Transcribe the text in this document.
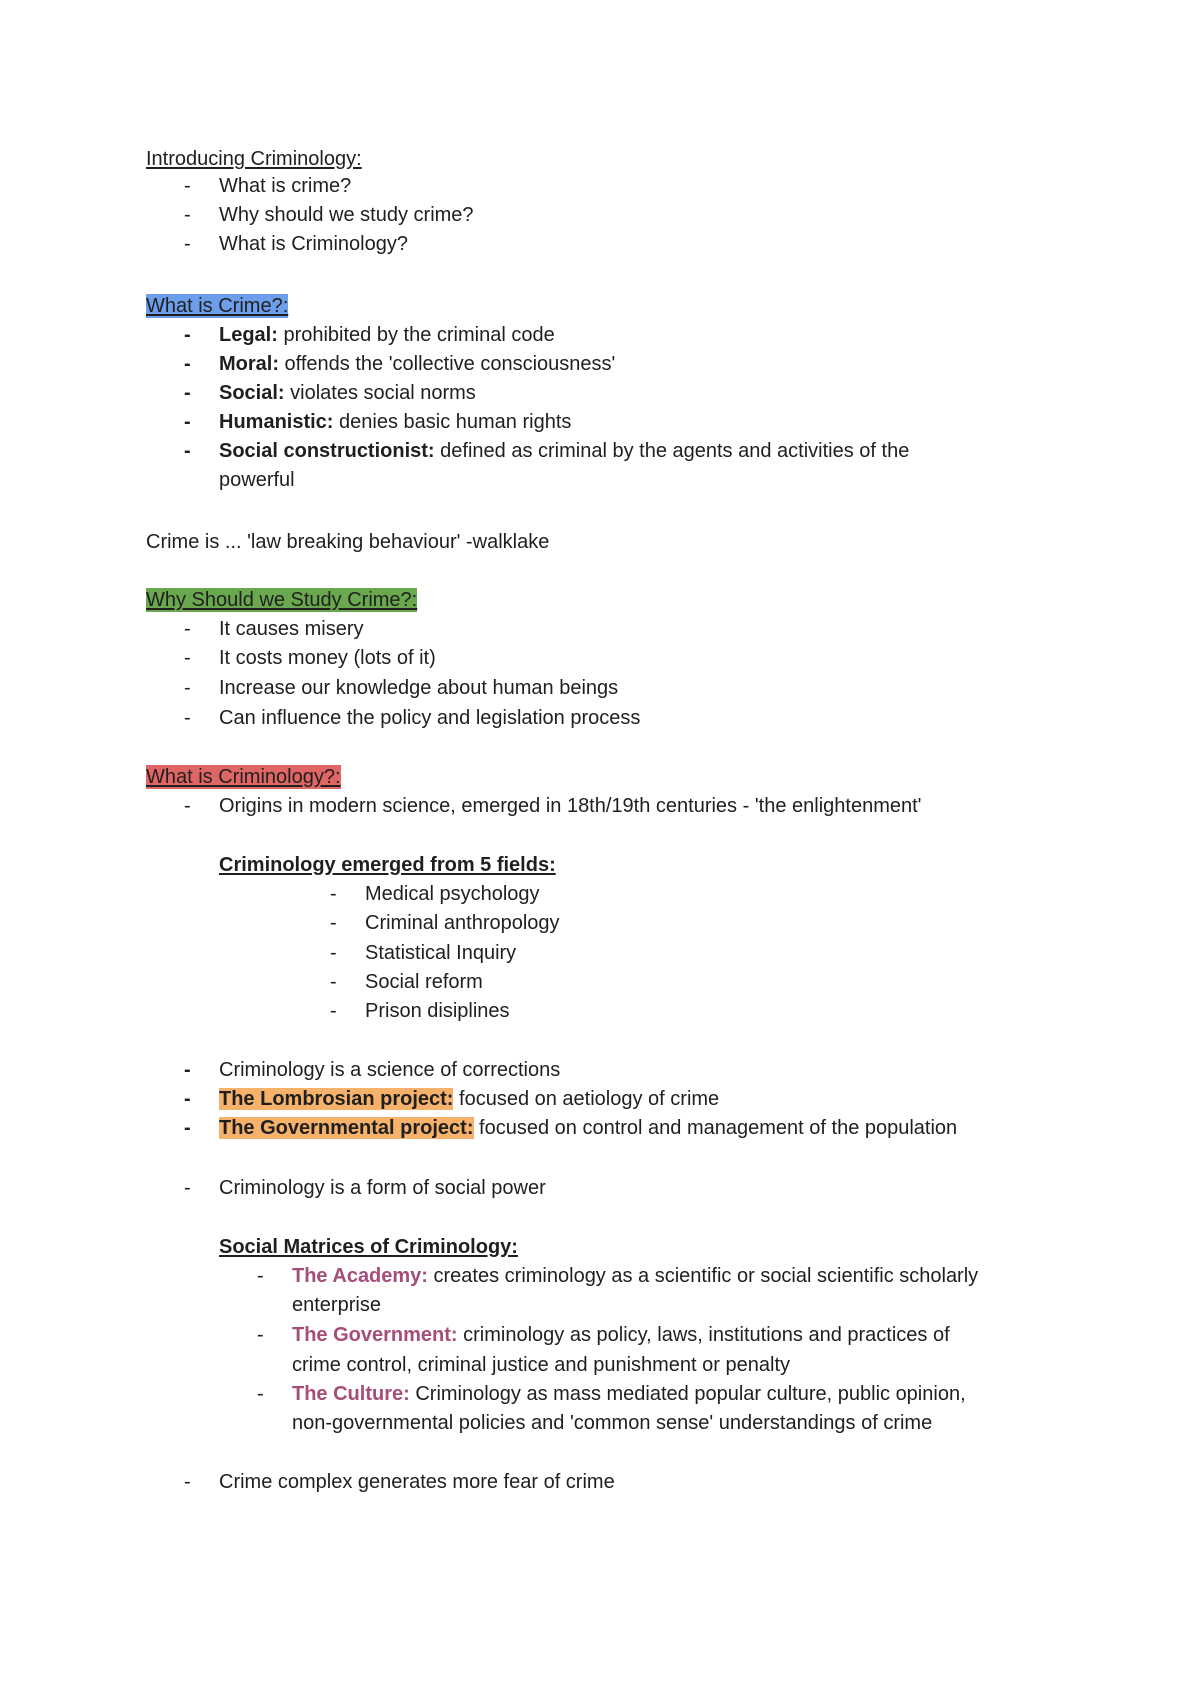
Introducing Criminology:
- What is crime?
- Why should we study crime?
- What is Criminology?
What is Crime?:
- Legal: prohibited by the criminal code
- Moral: offends the 'collective consciousness'
- Social: violates social norms
- Humanistic: denies basic human rights
- Social constructionist: defined as criminal by the agents and activities of the
powerful
Crime is ... 'law breaking behaviour' -walklake
Why Should we Study Crime?:
- It causes misery
- It costs money (lots of it)
- Increase our knowledge about human beings
- Can influence the policy and legislation process
What is Criminology?:
- Origins in modern science, emerged in 18th/19th centuries - 'the enlightenment'
Criminology emerged from 5 fields:
- Medical psychology
- Criminal anthropology
- Statistical Inquiry
- Social reform
- Prison disiplines
- Criminology is a science of corrections
- The Lombrosian project: focused on aetiology of crime
- The Governmental project: focused on control and management of the population
- Criminology is a form of social power
Social Matrices of Criminology:
- The Academy: creates criminology as a scientific or social scientific scholarly
enterprise
- The Government: criminology as policy, laws, institutions and practices of
crime control, criminal justice and punishment or penalty
- The Culture: Criminology as mass mediated popular culture, public opinion,
non-governmental policies and 'common sense' understandings of crime
- Crime complex generates more fear of crime
